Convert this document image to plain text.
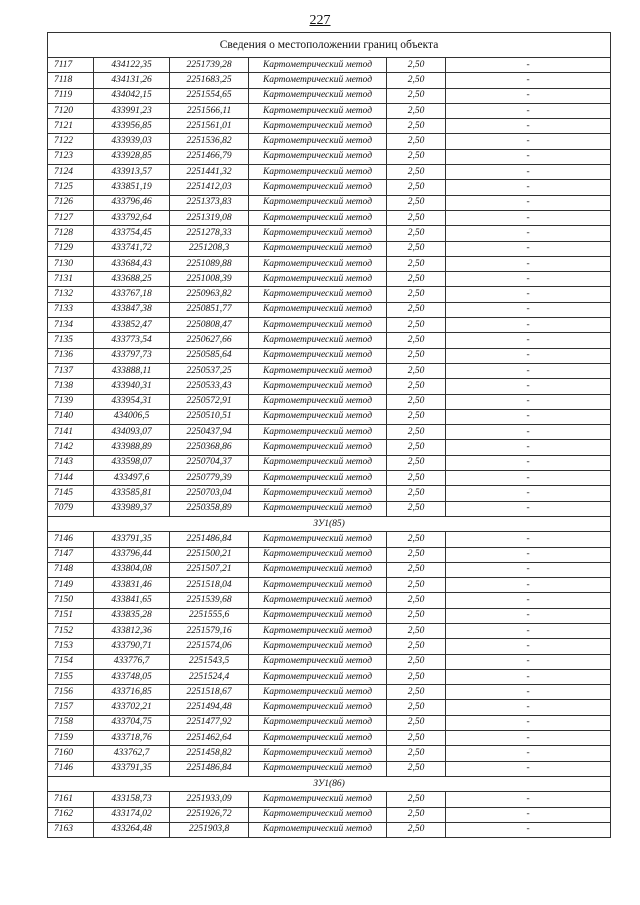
227
Сведения о местоположении границ объекта					
7117	434122,35	2251739,28	Картометрический метод	2,50	-
7118	434131,26	2251683,25	Картометрический метод	2,50	-
7119	434042,15	2251554,65	Картометрический метод	2,50	-
7120	433991,23	2251566,11	Картометрический метод	2,50	-
7121	433956,85	2251561,01	Картометрический метод	2,50	-
7122	433939,03	2251536,82	Картометрический метод	2,50	-
7123	433928,85	2251466,79	Картометрический метод	2,50	-
7124	433913,57	2251441,32	Картометрический метод	2,50	-
7125	433851,19	2251412,03	Картометрический метод	2,50	-
7126	433796,46	2251373,83	Картометрический метод	2,50	-
7127	433792,64	2251319,08	Картометрический метод	2,50	-
7128	433754,45	2251278,33	Картометрический метод	2,50	-
7129	433741,72	2251208,3	Картометрический метод	2,50	-
7130	433684,43	2251089,88	Картометрический метод	2,50	-
7131	433688,25	2251008,39	Картометрический метод	2,50	-
7132	433767,18	2250963,82	Картометрический метод	2,50	-
7133	433847,38	2250851,77	Картометрический метод	2,50	-
7134	433852,47	2250808,47	Картометрический метод	2,50	-
7135	433773,54	2250627,66	Картометрический метод	2,50	-
7136	433797,73	2250585,64	Картометрический метод	2,50	-
7137	433888,11	2250537,25	Картометрический метод	2,50	-
7138	433940,31	2250533,43	Картометрический метод	2,50	-
7139	433954,31	2250572,91	Картометрический метод	2,50	-
7140	434006,5	2250510,51	Картометрический метод	2,50	-
7141	434093,07	2250437,94	Картометрический метод	2,50	-
7142	433988,89	2250368,86	Картометрический метод	2,50	-
7143	433598,07	2250704,37	Картометрический метод	2,50	-
7144	433497,6	2250779,39	Картометрический метод	2,50	-
7145	433585,81	2250703,04	Картометрический метод	2,50	-
7079	433989,37	2250358,89	Картометрический метод	2,50	-
ЗУ1(85)					
7146	433791,35	2251486,84	Картометрический метод	2,50	-
7147	433796,44	2251500,21	Картометрический метод	2,50	-
7148	433804,08	2251507,21	Картометрический метод	2,50	-
7149	433831,46	2251518,04	Картометрический метод	2,50	-
7150	433841,65	2251539,68	Картометрический метод	2,50	-
7151	433835,28	2251555,6	Картометрический метод	2,50	-
7152	433812,36	2251579,16	Картометрический метод	2,50	-
7153	433790,71	2251574,06	Картометрический метод	2,50	-
7154	433776,7	2251543,5	Картометрический метод	2,50	-
7155	433748,05	2251524,4	Картометрический метод	2,50	-
7156	433716,85	2251518,67	Картометрический метод	2,50	-
7157	433702,21	2251494,48	Картометрический метод	2,50	-
7158	433704,75	2251477,92	Картометрический метод	2,50	-
7159	433718,76	2251462,64	Картометрический метод	2,50	-
7160	433762,7	2251458,82	Картометрический метод	2,50	-
7146	433791,35	2251486,84	Картометрический метод	2,50	-
ЗУ1(86)					
7161	433158,73	2251933,09	Картометрический метод	2,50	-
7162	433174,02	2251926,72	Картометрический метод	2,50	-
7163	433264,48	2251903,8	Картометрический метод	2,50	-
